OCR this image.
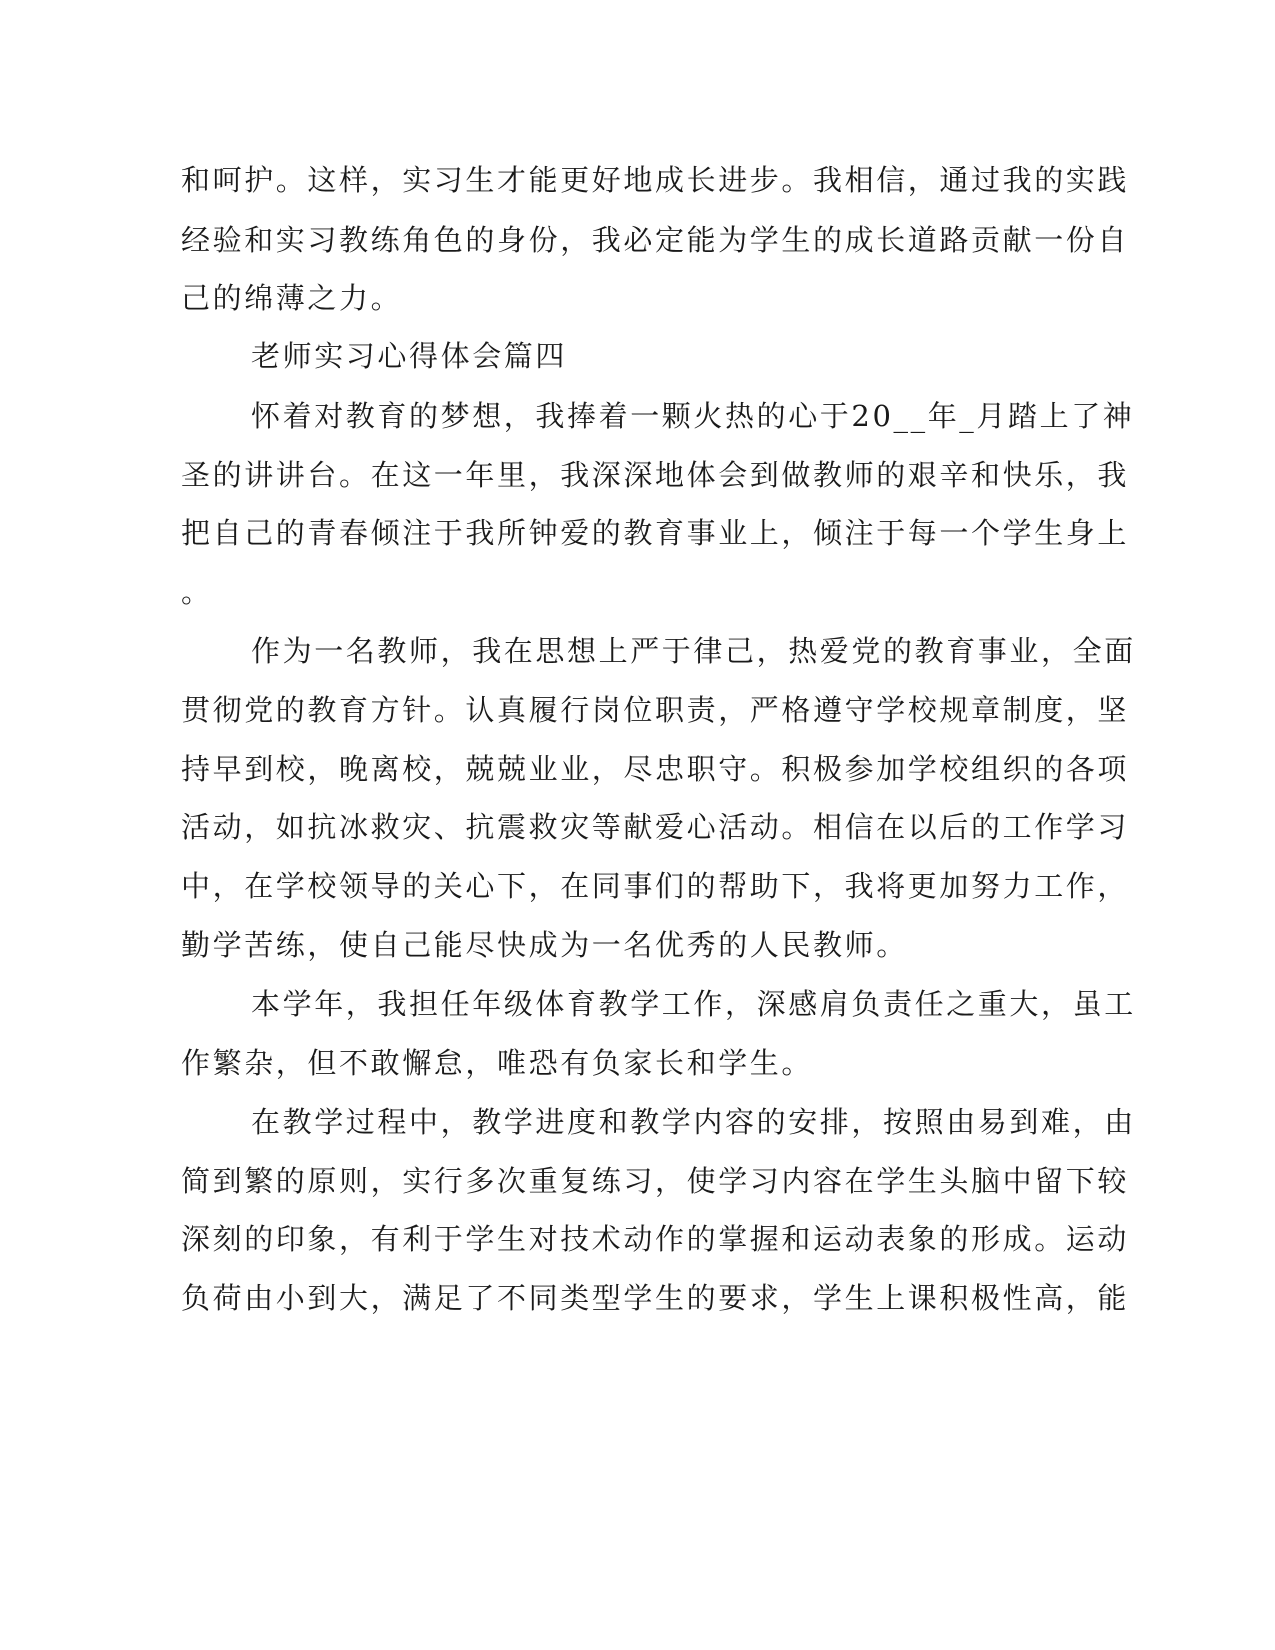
和呵护。这样，实习生才能更好地成长进步。我相信，通过我的实践
经验和实习教练角色的身份，我必定能为学生的成长道路贡献一份自
己的绵薄之力。
老师实习心得体会篇四
怀着对教育的梦想，我捧着一颗火热的心于20__年_月踏上了神
圣的讲讲台。在这一年里，我深深地体会到做教师的艰辛和快乐，我
把自己的青春倾注于我所钟爱的教育事业上，倾注于每一个学生身上
。
作为一名教师，我在思想上严于律己，热爱党的教育事业，全面
贯彻党的教育方针。认真履行岗位职责，严格遵守学校规章制度，坚
持早到校，晚离校，兢兢业业，尽忠职守。积极参加学校组织的各项
活动，如抗冰救灾、抗震救灾等献爱心活动。相信在以后的工作学习
中，在学校领导的关心下，在同事们的帮助下，我将更加努力工作，
勤学苦练，使自己能尽快成为一名优秀的人民教师。
本学年，我担任年级体育教学工作，深感肩负责任之重大，虽工
作繁杂，但不敢懈怠，唯恐有负家长和学生。
在教学过程中，教学进度和教学内容的安排，按照由易到难，由
简到繁的原则，实行多次重复练习，使学习内容在学生头脑中留下较
深刻的印象，有利于学生对技术动作的掌握和运动表象的形成。运动
负荷由小到大，满足了不同类型学生的要求，学生上课积极性高，能
